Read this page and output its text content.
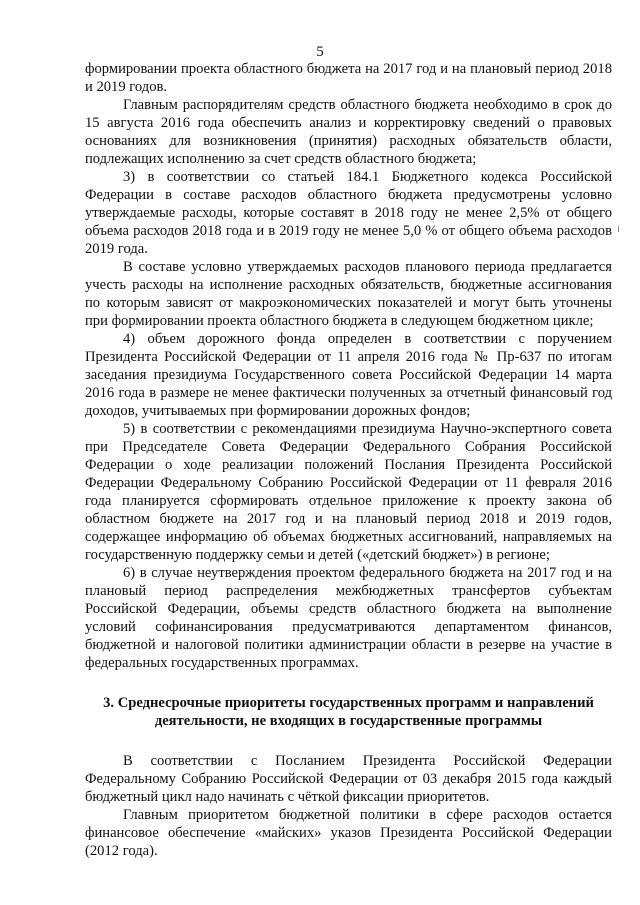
5

формировании проекта областного бюджета на 2017 год и на плановый период 2018 и 2019 годов.

Главным распорядителям средств областного бюджета необходимо в срок до 15 августа 2016 года обеспечить анализ и корректировку сведений о правовых основаниях для возникновения (принятия) расходных обязательств области, подлежащих исполнению за счет средств областного бюджета;

3) в соответствии со статьей 184.1 Бюджетного кодекса Российской Федерации в составе расходов областного бюджета предусмотрены условно утверждаемые расходы, которые составят в 2018 году не менее 2,5% от общего объема расходов 2018 года и в 2019 году не менее 5,0 % от общего объема расходов 2019 года.

В составе условно утверждаемых расходов планового периода предлагается учесть расходы на исполнение расходных обязательств, бюджетные ассигнования по которым зависят от макроэкономических показателей и могут быть уточнены при формировании проекта областного бюджета в следующем бюджетном цикле;

4) объем дорожного фонда определен в соответствии с поручением Президента Российской Федерации от 11 апреля 2016 года № Пр-637 по итогам заседания президиума Государственного совета Российской Федерации 14 марта 2016 года в размере не менее фактически полученных за отчетный финансовый год доходов, учитываемых при формировании дорожных фондов;

5) в соответствии с рекомендациями президиума Научно-экспертного совета при Председателе Совета Федерации Федерального Собрания Российской Федерации о ходе реализации положений Послания Президента Российской Федерации Федеральному Собранию Российской Федерации от 11 февраля 2016 года планируется сформировать отдельное приложение к проекту закона об областном бюджете на 2017 год и на плановый период 2018 и 2019 годов, содержащее информацию об объемах бюджетных ассигнований, направляемых на государственную поддержку семьи и детей («детский бюджет») в регионе;

6) в случае неутверждения проектом федерального бюджета на 2017 год и на плановый период распределения межбюджетных трансфертов субъектам Российской Федерации, объемы средств областного бюджета на выполнение условий софинансирования предусматриваются департаментом финансов, бюджетной и налоговой политики администрации области в резерве на участие в федеральных государственных программах.

3. Среднесрочные приоритеты государственных программ и направлений деятельности, не входящих в государственные программы

В соответствии с Посланием Президента Российской Федерации Федеральному Собранию Российской Федерации от 03 декабря 2015 года каждый бюджетный цикл надо начинать с чёткой фиксации приоритетов.

Главным приоритетом бюджетной политики в сфере расходов остается финансовое обеспечение «майских» указов Президента Российской Федерации (2012 года).
